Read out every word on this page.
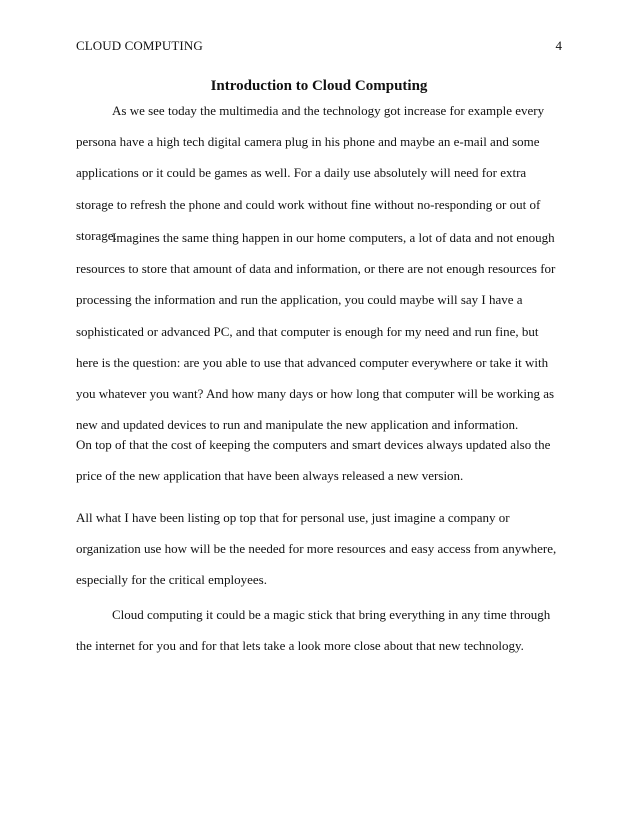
CLOUD COMPUTING	4
Introduction to Cloud Computing

As we see today the multimedia and the technology got increase for example every persona have a high tech digital camera plug in his phone and maybe an e-mail and some applications or it could be games as well. For a daily use absolutely will need for extra storage to refresh the phone and could work without fine without no-responding or out of storage.

Imagines the same thing happen in our home computers, a lot of data and not enough resources to store that amount of data and information, or there are not enough resources for processing the information and run the application, you could maybe will say I have a sophisticated or advanced PC, and that computer is enough for my need and run fine, but here is the question: are you able to use that advanced computer everywhere or take it with you whatever you want? And how many days or how long that computer will be working as new and updated devices to run and manipulate the new application and information.

On top of that the cost of keeping the computers and smart devices always updated also the price of the new application that have been always released a new version.

All what I have been listing op top that for personal use, just imagine a company or organization use how will be the needed for more resources and easy access from anywhere, especially for the critical employees.

Cloud computing it could be a magic stick that bring everything in any time through the internet for you and for that lets take a look more close about that new technology.
